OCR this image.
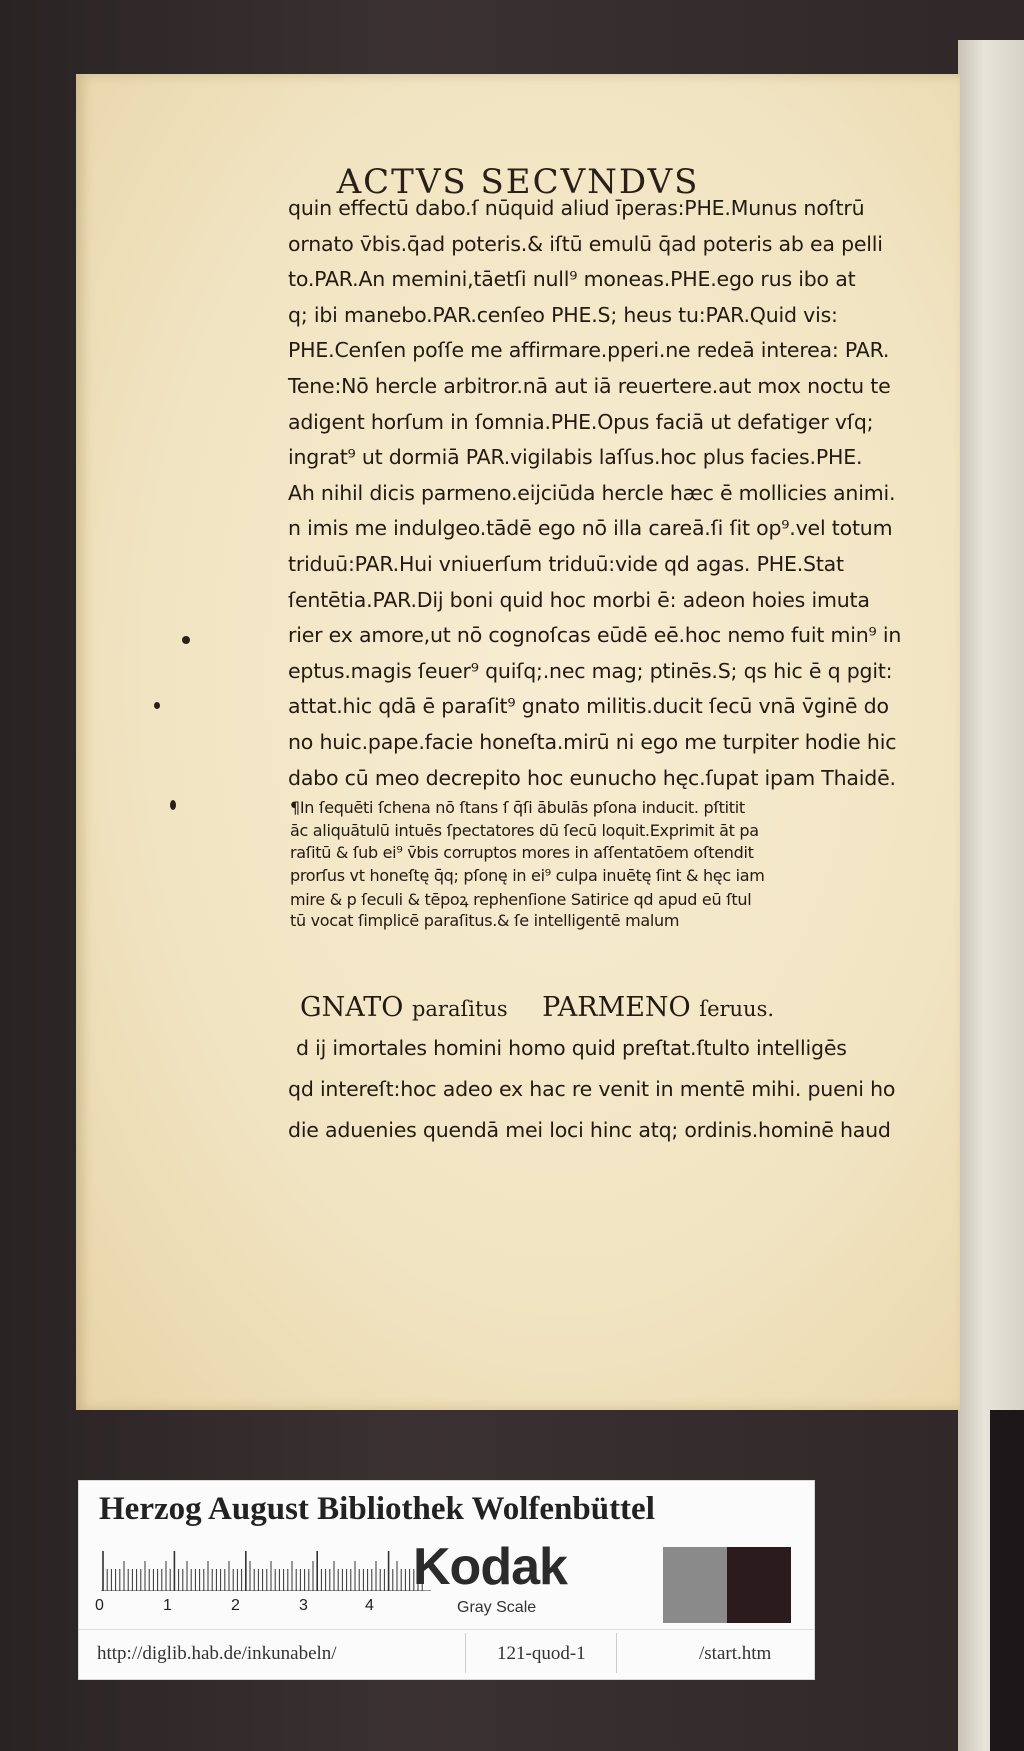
ACTVS SECVNDVS
quin effectū dabo.ſ nūquid aliud īperas:PHE.Munus noſtrū
ornato v̄bis.q̄ad poteris.& iſtū emulū q̄ad poteris ab ea pelli
to.PAR.An memini,tāetſi null⁹ moneas.PHE.ego rus ibo at
q; ibi manebo.PAR.cenſeo PHE.S; heus tu:PAR.Quid vis:
PHE.Cenſen poſſe me affirmare.pperi.ne redeā interea: PAR.
Tene:Nō hercle arbitror.nā aut iā reuertere.aut mox noctu te
adigent horſum in ſomnia.PHE.Opus faciā ut defatiger vſq;
ingrat⁹ ut dormiā PAR.vigilabis laſſus.hoc plus facies.PHE.
Ah nihil dicis parmeno.eijciūda hercle hæc ē mollicies animi.
n imis me indulgeo.tādē ego nō illa careā.ſi ſit op⁹.vel totum
triduū:PAR.Hui vniuerſum triduū:vide qd agas. PHE.Stat
ſentētia.PAR.Dij boni quid hoc morbi ē: adeon hoies imuta
rier ex amore,ut nō cognoſcas eūdē eē.hoc nemo fuit min⁹ in
eptus.magis ſeuer⁹ quiſq;.nec mag; ptinēs.S; qs hic ē q pgit:
attat.hic qdā ē paraſit⁹ gnato militis.ducit ſecū vnā v̄ginē do
no huic.pape.facie honeſta.mirū ni ego me turpiter hodie hic
dabo cū meo decrepito hoc eunucho hęc.ſupat ipam Thaidē.
¶In ſequēti ſchena nō ſtans ſ q̄ſi ābulās pſona inducit. pſtitit
āc aliquātulū intuēs ſpectatores dū ſecū loquit.Exprimit āt pa
raſitū & ſub ei⁹ v̄bis corruptos mores in aſſentatōem oſtendit
prorſus vt honeſtę q̄q; pſonę in ei⁹ culpa inuētę ſint & hęc iam
mire & p ſeculi & tēpoꝝ rephenſione Satirice qd apud eū ſtul
tū vocat ſimplicē paraſitus.& ſe intelligentē malum
GNATO paraſitus PARMENO ſeruus.
d ij imortales homini homo quid preſtat.ſtulto intelligēs
qd intereſt:hoc adeo ex hac re venit in mentē mihi. pueni ho
die aduenies quendā mei loci hinc atq; ordinis.hominē haud
Herzog August Bibliothek Wolfenbüttel
0	1	2	3	4
Kodak
Gray Scale
http://diglib.hab.de/inkunabeln/	121-quod-1	/start.htm
